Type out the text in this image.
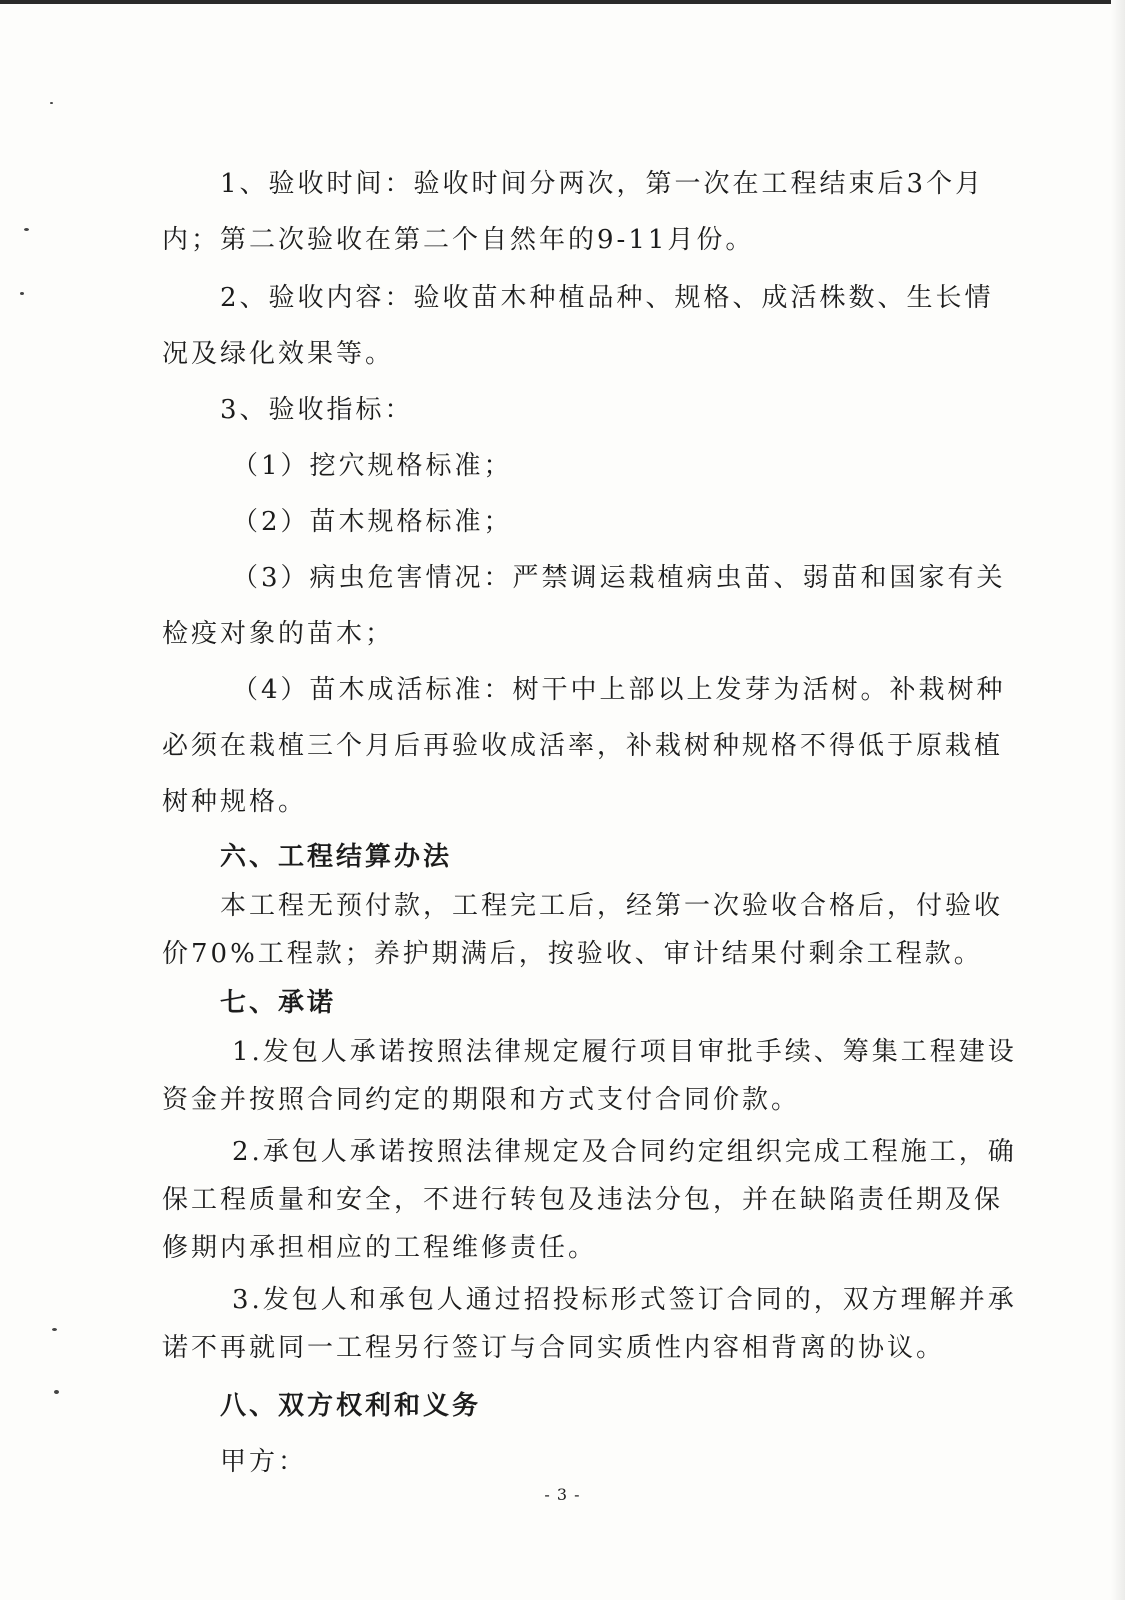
1、验收时间：验收时间分两次，第一次在工程结束后3个月内；第二次验收在第二个自然年的9-11月份。

2、验收内容：验收苗木种植品种、规格、成活株数、生长情况及绿化效果等。

3、验收指标：

（1）挖穴规格标准；

（2）苗木规格标准；

（3）病虫危害情况：严禁调运栽植病虫苗、弱苗和国家有关检疫对象的苗木；

（4）苗木成活标准：树干中上部以上发芽为活树。补栽树种必须在栽植三个月后再验收成活率，补栽树种规格不得低于原栽植树种规格。

六、工程结算办法

本工程无预付款，工程完工后，经第一次验收合格后，付验收价70%工程款；养护期满后，按验收、审计结果付剩余工程款。

七、承诺

1.发包人承诺按照法律规定履行项目审批手续、筹集工程建设资金并按照合同约定的期限和方式支付合同价款。

2.承包人承诺按照法律规定及合同约定组织完成工程施工，确保工程质量和安全，不进行转包及违法分包，并在缺陷责任期及保修期内承担相应的工程维修责任。

3.发包人和承包人通过招投标形式签订合同的，双方理解并承诺不再就同一工程另行签订与合同实质性内容相背离的协议。

八、双方权利和义务

甲方：

- 3 -
